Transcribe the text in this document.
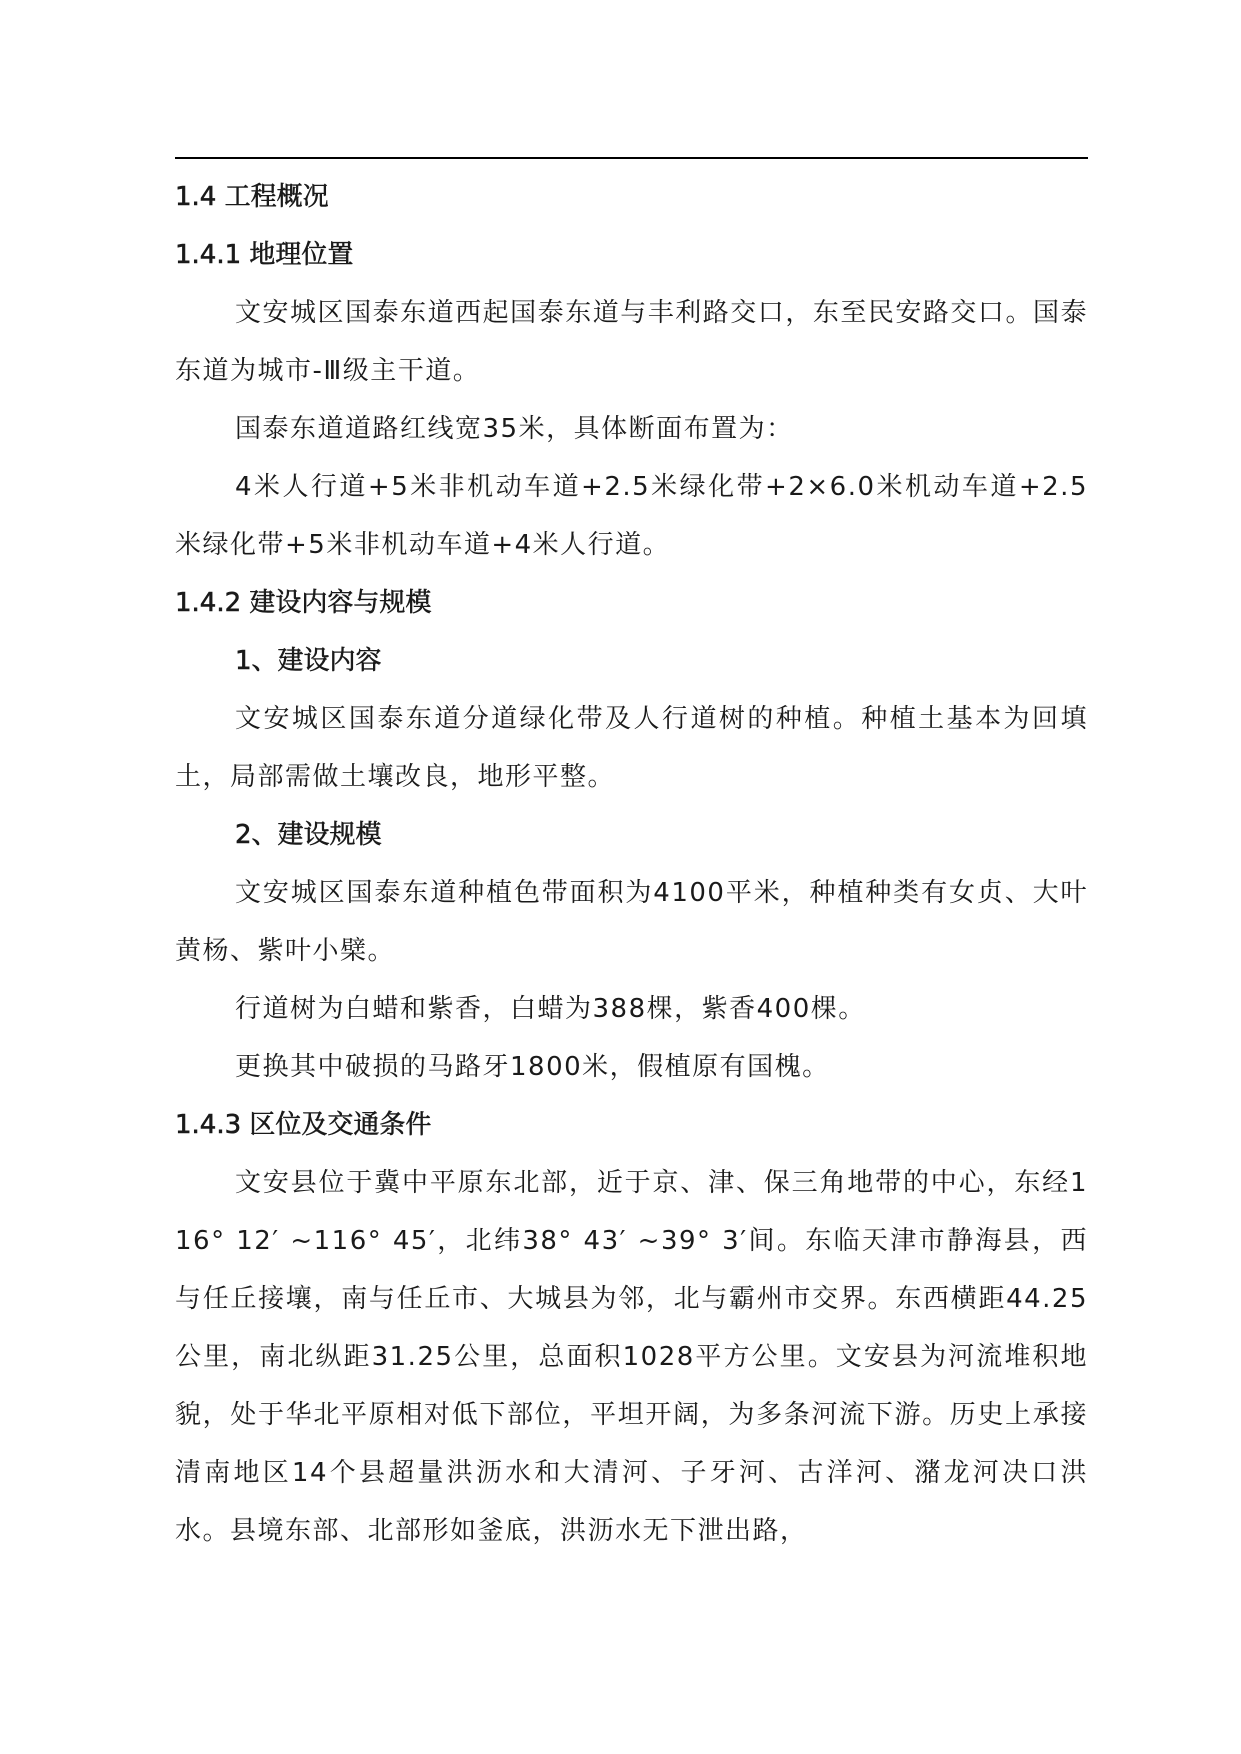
1.4 工程概况
1.4.1 地理位置

文安城区国泰东道西起国泰东道与丰利路交口，东至民安路交口。国泰东道为城市-Ⅲ级主干道。

国泰东道道路红线宽35米，具体断面布置为：

4米人行道+5米非机动车道+2.5米绿化带+2×6.0米机动车道+2.5米绿化带+5米非机动车道+4米人行道。

1.4.2 建设内容与规模
1、建设内容

文安城区国泰东道分道绿化带及人行道树的种植。种植土基本为回填土，局部需做土壤改良，地形平整。

2、建设规模

文安城区国泰东道种植色带面积为4100平米，种植种类有女贞、大叶黄杨、紫叶小檗。

行道树为白蜡和紫香，白蜡为388棵，紫香400棵。

更换其中破损的马路牙1800米，假植原有国槐。

1.4.3 区位及交通条件

文安县位于冀中平原东北部，近于京、津、保三角地带的中心，东经116° 12′ ~116° 45′，北纬38° 43′ ~39° 3′间。东临天津市静海县，西与任丘接壤，南与任丘市、大城县为邻，北与霸州市交界。东西横距44.25公里，南北纵距31.25公里，总面积1028平方公里。文安县为河流堆积地貌，处于华北平原相对低下部位，平坦开阔，为多条河流下游。历史上承接清南地区14个县超量洪沥水和大清河、子牙河、古洋河、潴龙河决口洪水。县境东部、北部形如釜底，洪沥水无下泄出路，
